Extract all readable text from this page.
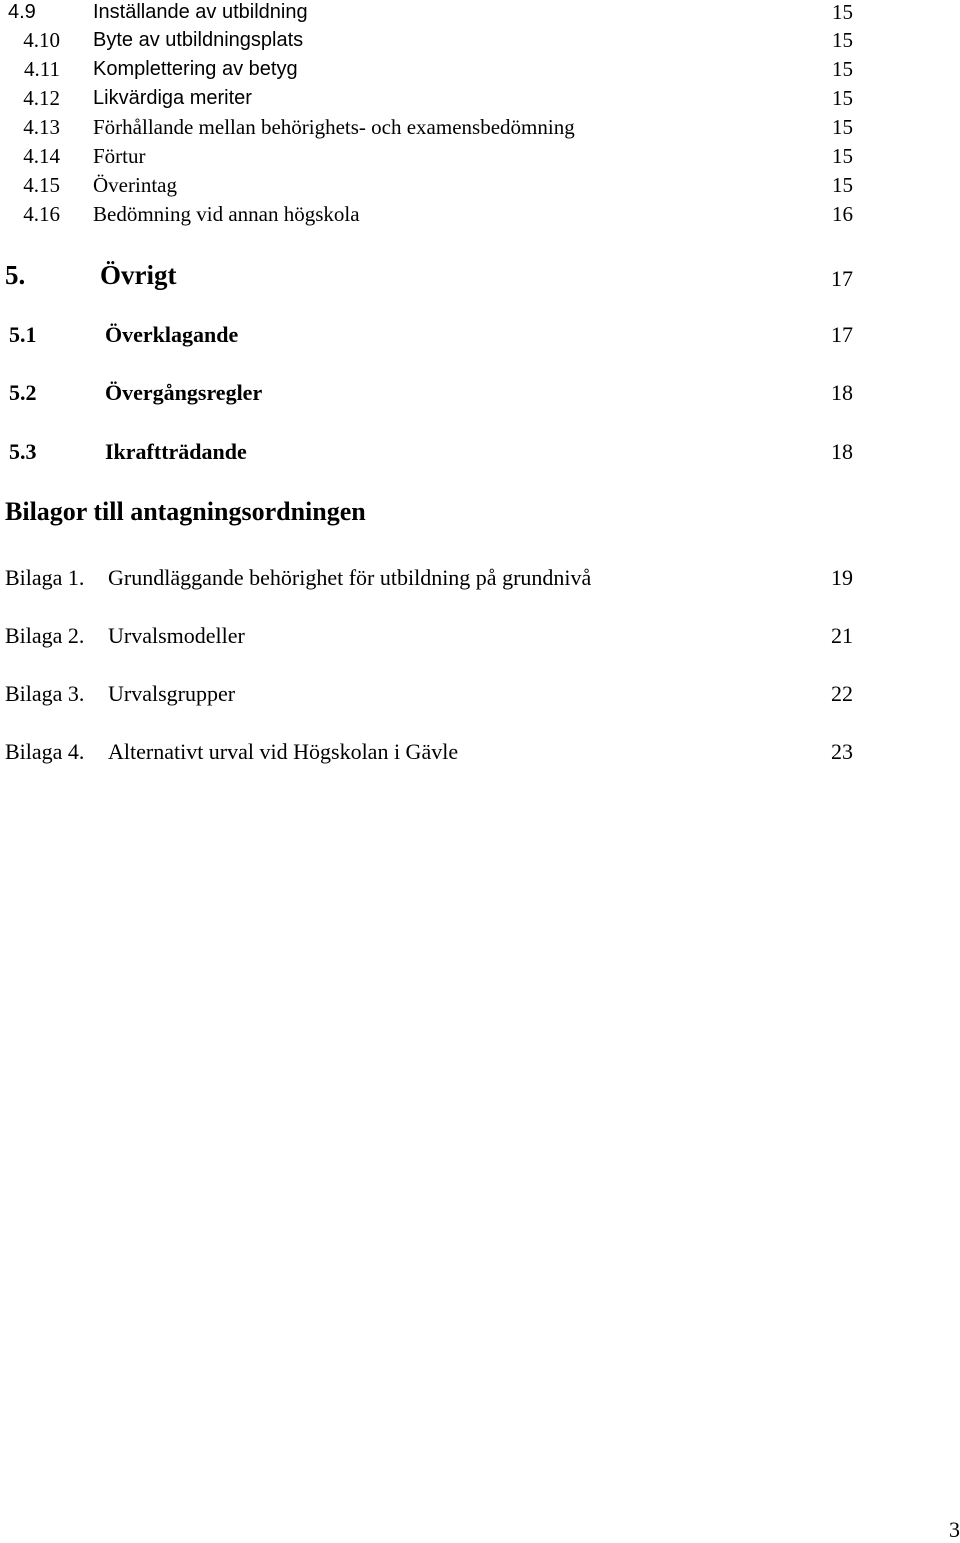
4.9	Inställande av utbildning	15
4.10 Byte av utbildningsplats	15
4.11 Komplettering av betyg	15
4.12 Likvärdiga meriter	15
4.13 Förhållande mellan behörighets- och examensbedömning	15
4.14 Förtur	15
4.15 Överintag	15
4.16 Bedömning vid annan högskola	16
5.	Övrigt	17
5.1	Överklagande	17
5.2	Övergångsregler	18
5.3	Ikraftträdande	18
Bilagor till antagningsordningen
Bilaga 1. Grundläggande behörighet för utbildning på grundnivå	19
Bilaga 2. Urvalsmodeller	21
Bilaga 3. Urvalsgrupper	22
Bilaga 4. Alternativt urval vid Högskolan i Gävle	23
3
